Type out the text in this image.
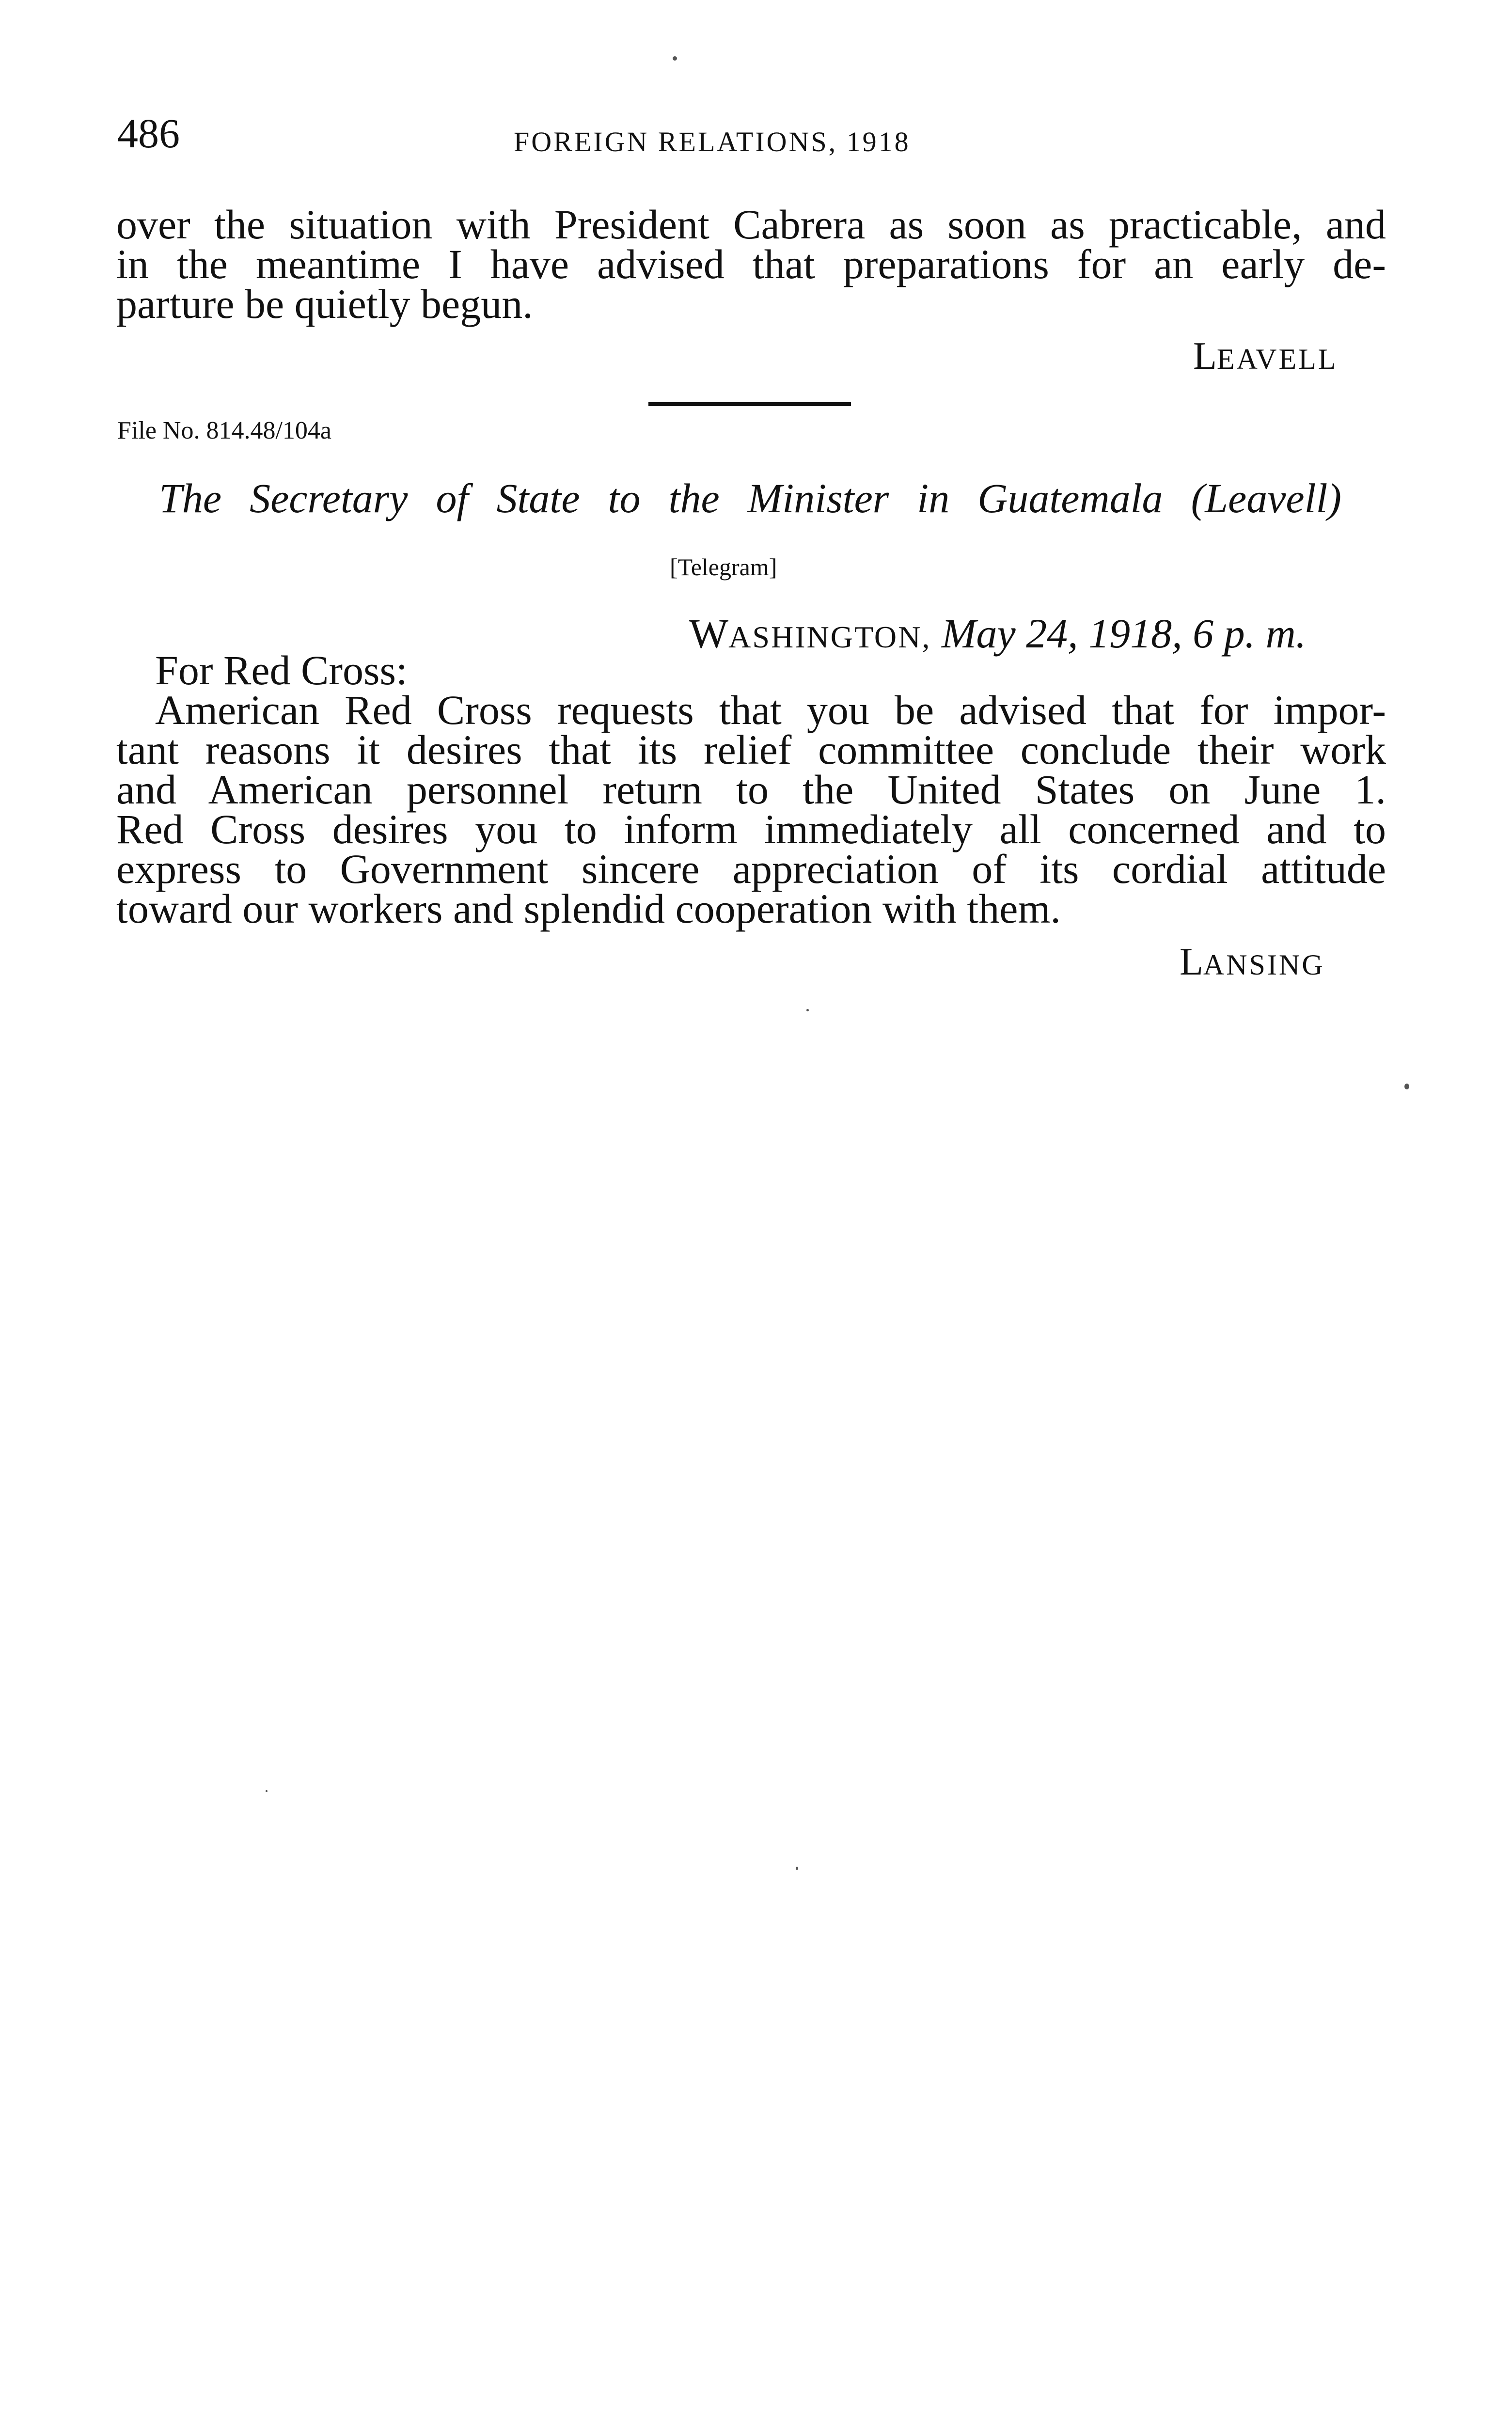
486	FOREIGN RELATIONS, 1918
over the situation with President Cabrera as soon as practicable, and
in the meantime I have advised that preparations for an early de-
parture be quietly begun.
LEAVELL
File No. 814.48/104a
The Secretary of State to the Minister in Guatemala (Leavell)
[Telegram]
WASHINGTON, May 24, 1918, 6 p. m.
For Red Cross:
American Red Cross requests that you be advised that for impor-
tant reasons it desires that its relief committee conclude their work
and American personnel return to the United States on June 1.
Red Cross desires you to inform immediately all concerned and to
express to Government sincere appreciation of its cordial attitude
toward our workers and splendid cooperation with them.
LANSING
